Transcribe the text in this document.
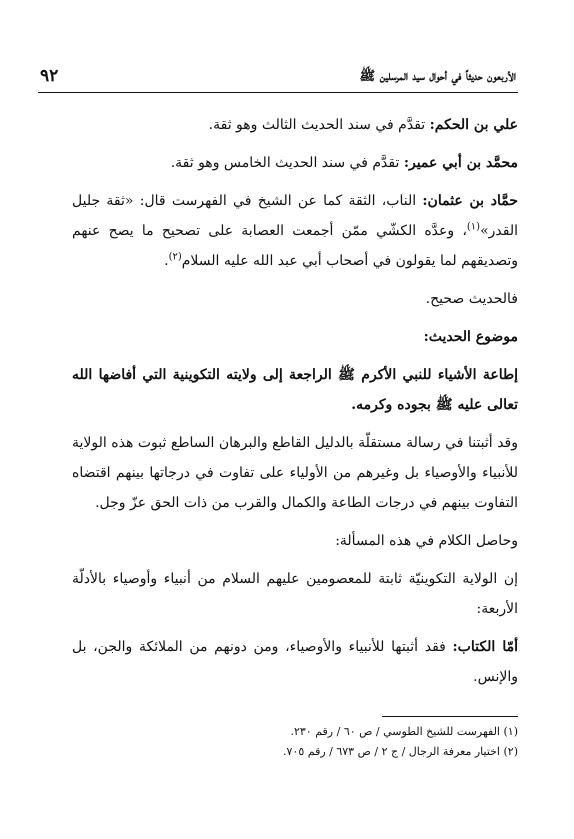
٩٢	الأربعون حديثاً في أحوال سيد المرسلين ﷺ

علي بن الحكم: تقدَّم في سند الحديث الثالث وهو ثقة.

محمَّد بن أبي عمير: تقدَّم في سند الحديث الخامس وهو ثقة.

حمَّاد بن عثمان: الناب، الثقة كما عن الشيخ في الفهرست قال: «ثقة جليل القدر»$^{(١)}$، وعدَّه الكشّي ممّن أجمعت العصابة على تصحيح ما يصح عنهم وتصديقهم لما يقولون في أصحاب أبي عبد الله عليه السلام$^{(٢)}$.

فالحديث صحيح.

موضوع الحديث:

إطاعة الأشياء للنبي الأكرم ﷺ الراجعة إلى ولايته التكوينية التي أفاضها الله تعالى عليه ﷺ بجوده وكرمه.

وقد أثبتنا في رسالة مستقلّة بالدليل القاطع والبرهان الساطع ثبوت هذه الولاية للأنبياء والأوصياء بل وغيرهم من الأولياء على تفاوت في درجاتها بينهم اقتضاه التفاوت بينهم في درجات الطاعة والكمال والقرب من ذات الحق عزّ وجل.

وحاصل الكلام في هذه المسألة:

إن الولاية التكوينيّة ثابتة للمعصومين عليهم السلام من أنبياء وأوصياء بالأدلّة الأربعة:

أمّا الكتاب: فقد أثبتها للأنبياء والأوصياء، ومن دونهم من الملائكة والجن، بل والإنس.

(١) الفهرست للشيخ الطوسي / ص ٦٠ / رقم ٢٣٠.
(٢) اختيار معرفة الرجال / ج ٢ / ص ٦٧٣ / رقم ٧٠٥.
